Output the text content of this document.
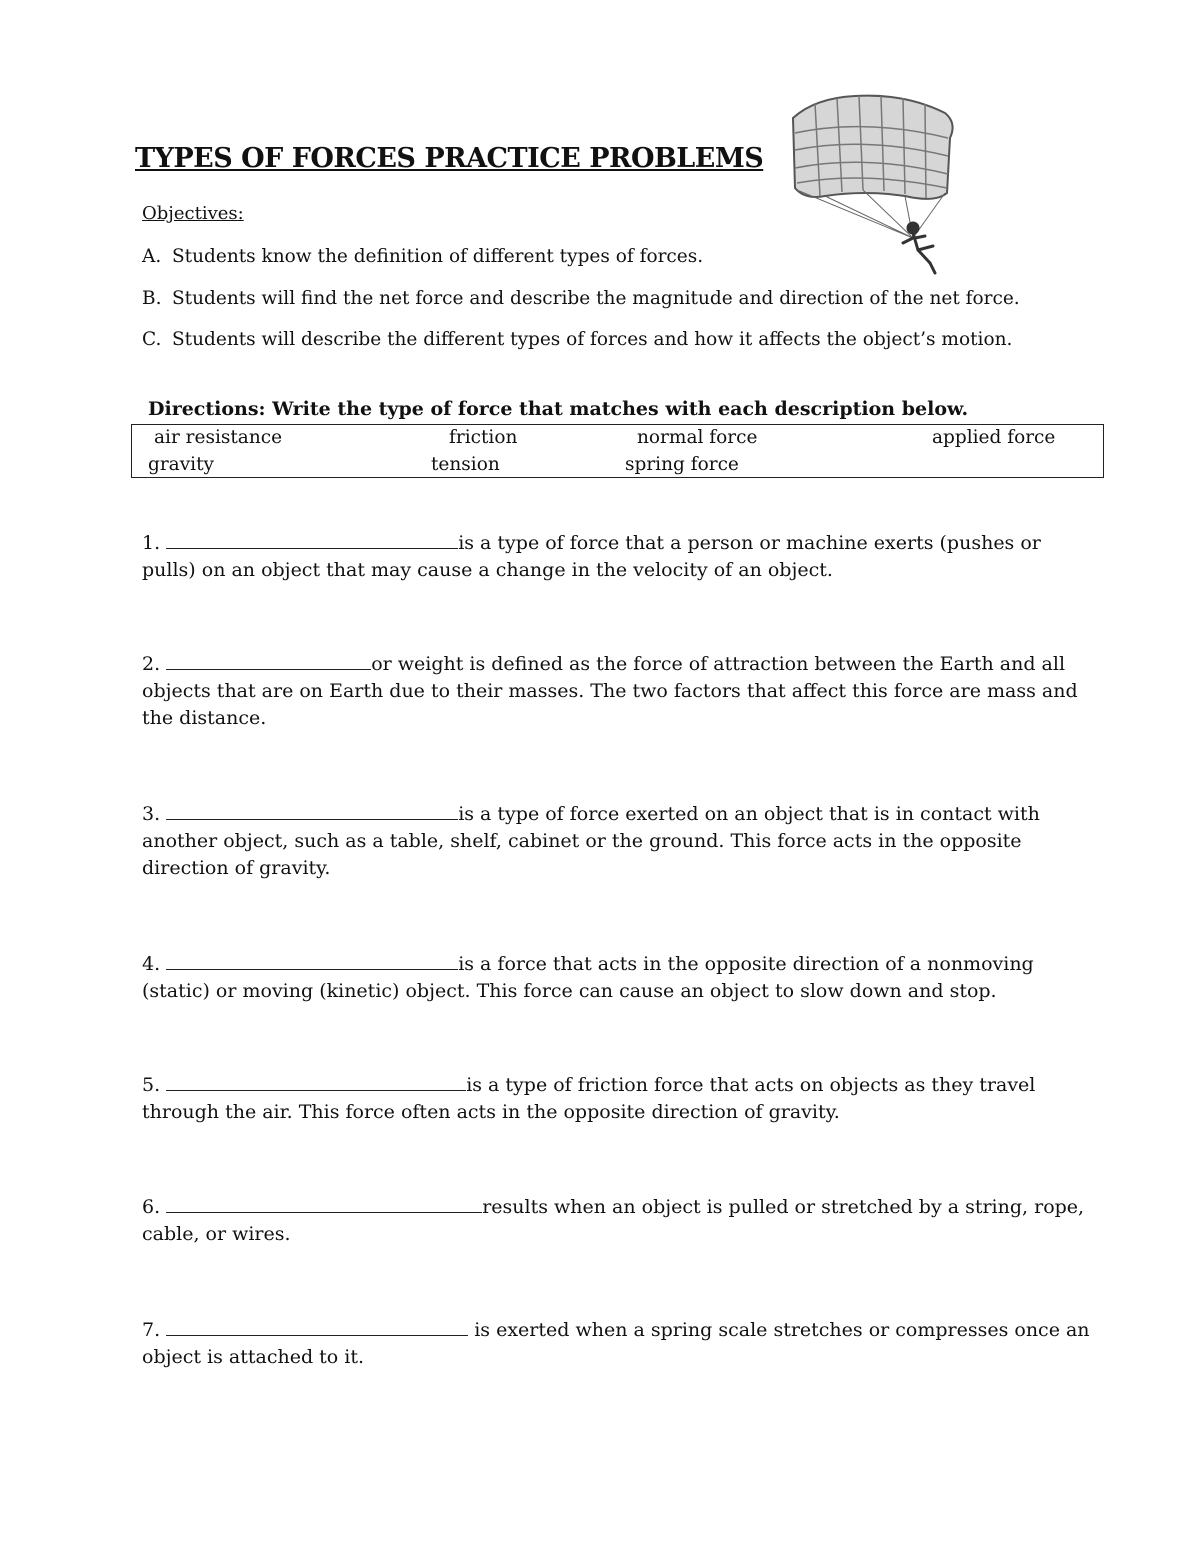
TYPES OF FORCES PRACTICE PROBLEMS
Objectives:
A. Students know the definition of different types of forces.
B. Students will find the net force and describe the magnitude and direction of the net force.
C. Students will describe the different types of forces and how it affects the object’s motion.
Directions: Write the type of force that matches with each description below.
air resistance	friction	normal force	applied force
gravity	tension	spring force
1.	is a type of force that a person or machine exerts (pushes or pulls) on an object that may cause a change in the velocity of an object.
2.	or weight is defined as the force of attraction between the Earth and all objects that are on Earth due to their masses. The two factors that affect this force are mass and the distance.
3.	is a type of force exerted on an object that is in contact with another object, such as a table, shelf, cabinet or the ground. This force acts in the opposite direction of gravity.
4.	is a force that acts in the opposite direction of a nonmoving (static) or moving (kinetic) object. This force can cause an object to slow down and stop.
5.	is a type of friction force that acts on objects as they travel through the air. This force often acts in the opposite direction of gravity.
6.	results when an object is pulled or stretched by a string, rope, cable, or wires.
7.	is exerted when a spring scale stretches or compresses once an object is attached to it.
